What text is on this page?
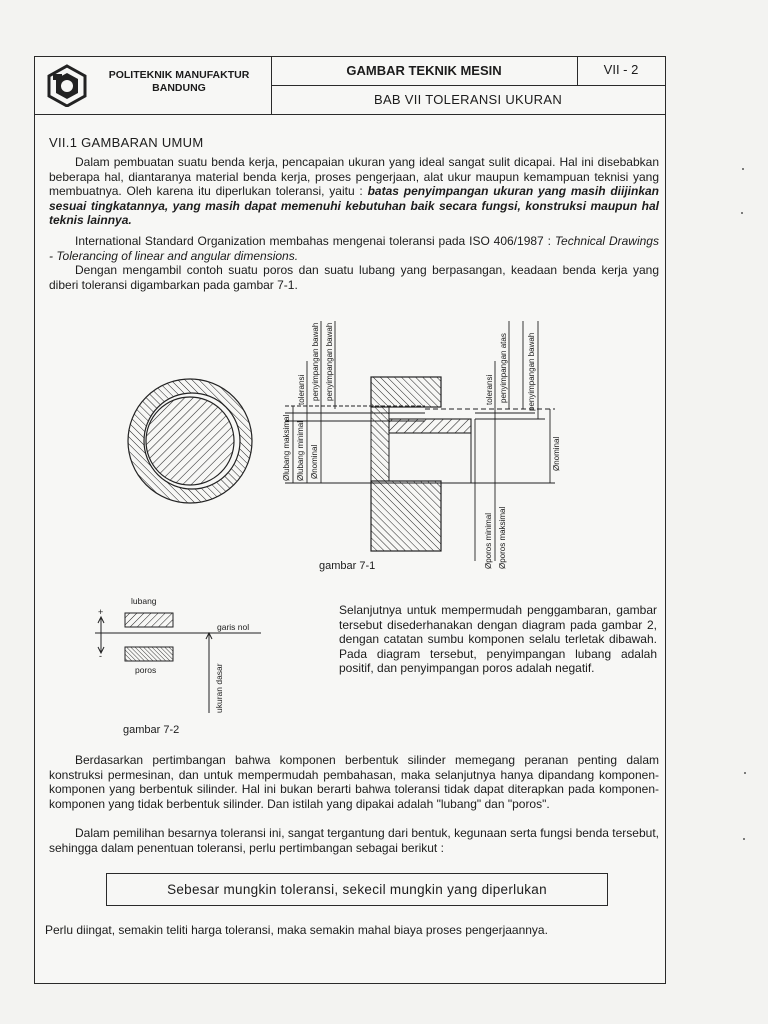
POLITEKNIK MANUFAKTUR
BANDUNG
GAMBAR TEKNIK MESIN	VII - 2
BAB VII TOLERANSI UKURAN
VII.1 GAMBARAN UMUM
Dalam pembuatan suatu benda kerja, pencapaian ukuran yang ideal sangat sulit dicapai. Hal ini disebabkan beberapa hal, diantaranya material benda kerja, proses pengerjaan, alat ukur maupun kemampuan teknisi yang membuatnya. Oleh karena itu diperlukan toleransi, yaitu : batas penyimpangan ukuran yang masih diijinkan sesuai tingkatannya, yang masih dapat memenuhi kebutuhan baik secara fungsi, konstruksi maupun hal teknis lainnya.
International Standard Organization membahas mengenai toleransi pada ISO 406/1987 : Technical Drawings - Tolerancing of linear and angular dimensions.
Dengan mengambil contoh suatu poros dan suatu lubang yang berpasangan, keadaan benda kerja yang diberi toleransi digambarkan pada gambar 7-1.
toleransi penyimpangan bawah penyimpangan bawah
Ølubang maksimal Ølubang minimal Ønominal
toleransi penyimpangan atas penyimpangan bawah
Ønominal
Øporos minimal Øporos maksimal
gambar 7-1
lubang
garis nol
poros
+
-
ukuran dasar
gambar 7-2
Selanjutnya untuk mempermudah penggambaran, gambar tersebut disederhanakan dengan diagram pada gambar 2, dengan catatan sumbu komponen selalu terletak dibawah. Pada diagram tersebut, penyimpangan lubang adalah positif, dan penyimpangan poros adalah negatif.
Berdasarkan pertimbangan bahwa komponen berbentuk silinder memegang peranan penting dalam konstruksi permesinan, dan untuk mempermudah pembahasan, maka selanjutnya hanya dipandang komponen-komponen yang berbentuk silinder. Hal ini bukan berarti bahwa toleransi tidak dapat diterapkan pada komponen-komponen yang tidak berbentuk silinder. Dan istilah yang dipakai adalah "lubang" dan "poros".
Dalam pemilihan besarnya toleransi ini, sangat tergantung dari bentuk, kegunaan serta fungsi benda tersebut, sehingga dalam penentuan toleransi, perlu pertimbangan sebagai berikut :
Sebesar mungkin toleransi, sekecil mungkin yang diperlukan
Perlu diingat, semakin teliti harga toleransi, maka semakin mahal biaya proses pengerjaannya.
